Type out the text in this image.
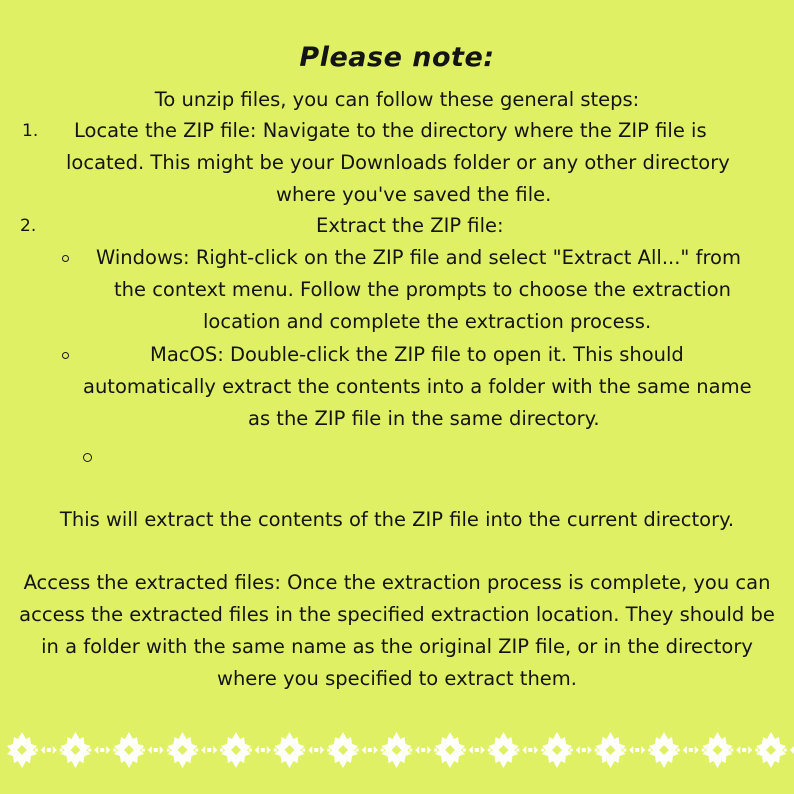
Please note:
To unzip files, you can follow these general steps:
1. Locate the ZIP file: Navigate to the directory where the ZIP file is
located. This might be your Downloads folder or any other directory
where you've saved the file.
2.	Extract the ZIP file:
Windows: Right-click on the ZIP file and select "Extract All..." from
the context menu. Follow the prompts to choose the extraction
location and complete the extraction process.
MacOS: Double-click the ZIP file to open it. This should
automatically extract the contents into a folder with the same name
as the ZIP file in the same directory.
This will extract the contents of the ZIP file into the current directory.
Access the extracted files: Once the extraction process is complete, you can
access the extracted files in the specified extraction location. They should be
in a folder with the same name as the original ZIP file, or in the directory
where you specified to extract them.
